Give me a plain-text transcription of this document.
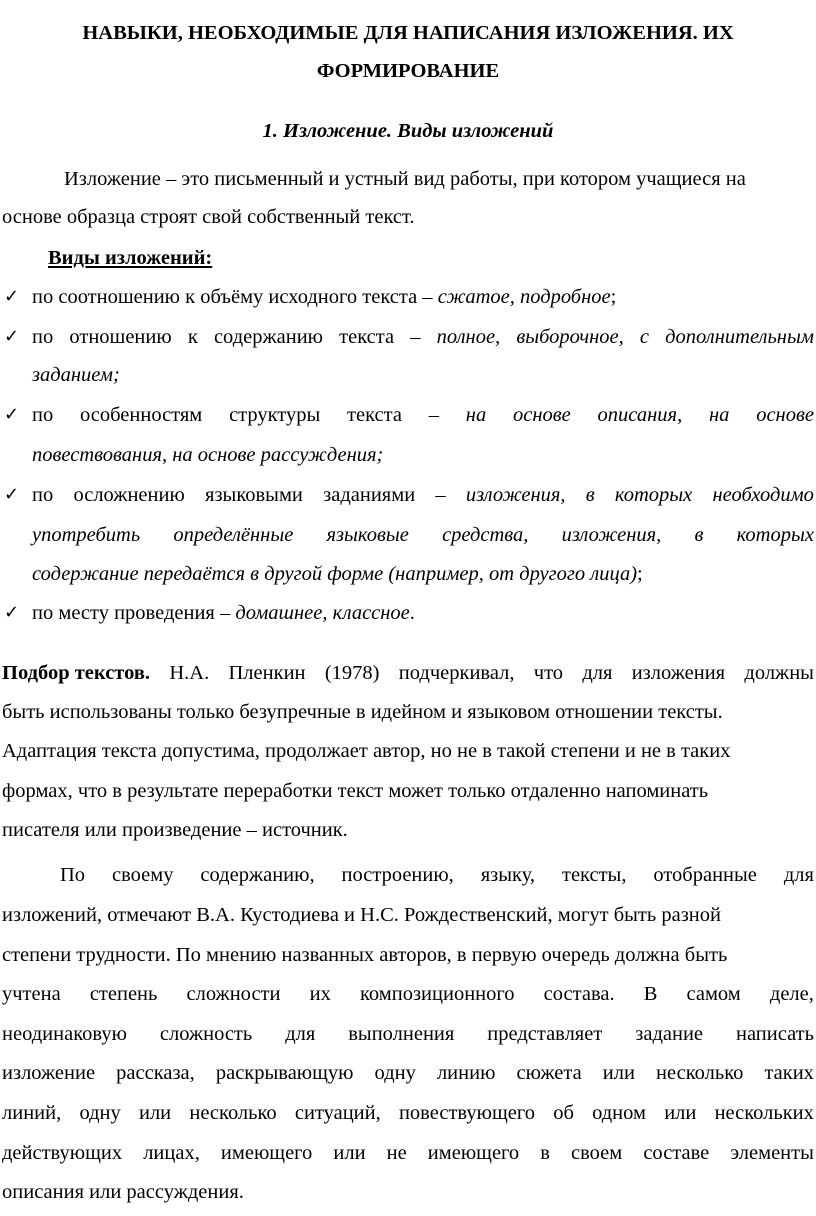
НАВЫКИ, НЕОБХОДИМЫЕ ДЛЯ НАПИСАНИЯ ИЗЛОЖЕНИЯ. ИХ
ФОРМИРОВАНИЕ
1. Изложение. Виды изложений
Изложение – это письменный и устный вид работы, при котором учащиеся на
основе образца строят свой собственный текст.
Виды изложений:
✓ по соотношению к объёму исходного текста – сжатое, подробное;
✓ по отношению к содержанию текста – полное, выборочное, с дополнительным
заданием;
✓ по особенностям структуры текста – на основе описания, на основе
повествования, на основе рассуждения;
✓ по осложнению языковыми заданиями – изложения, в которых необходимо
употребить определённые языковые средства, изложения, в которых
содержание передаётся в другой форме (например, от другого лица);
✓ по месту проведения – домашнее, классное.
Подбор текстов. Н.А. Пленкин (1978) подчеркивал, что для изложения должны
быть использованы только безупречные в идейном и языковом отношении тексты.
Адаптация текста допустима, продолжает автор, но не в такой степени и не в таких
формах, что в результате переработки текст может только отдаленно напоминать
писателя или произведение – источник.
По своему содержанию, построению, языку, тексты, отобранные для
изложений, отмечают В.А. Кустодиева и Н.С. Рождественский, могут быть разной
степени трудности. По мнению названных авторов, в первую очередь должна быть
учтена степень сложности их композиционного состава. В самом деле,
неодинаковую сложность для выполнения представляет задание написать
изложение рассказа, раскрывающую одну линию сюжета или несколько таких
линий, одну или несколько ситуаций, повествующего об одном или нескольких
действующих лицах, имеющего или не имеющего в своем составе элементы
описания или рассуждения.
